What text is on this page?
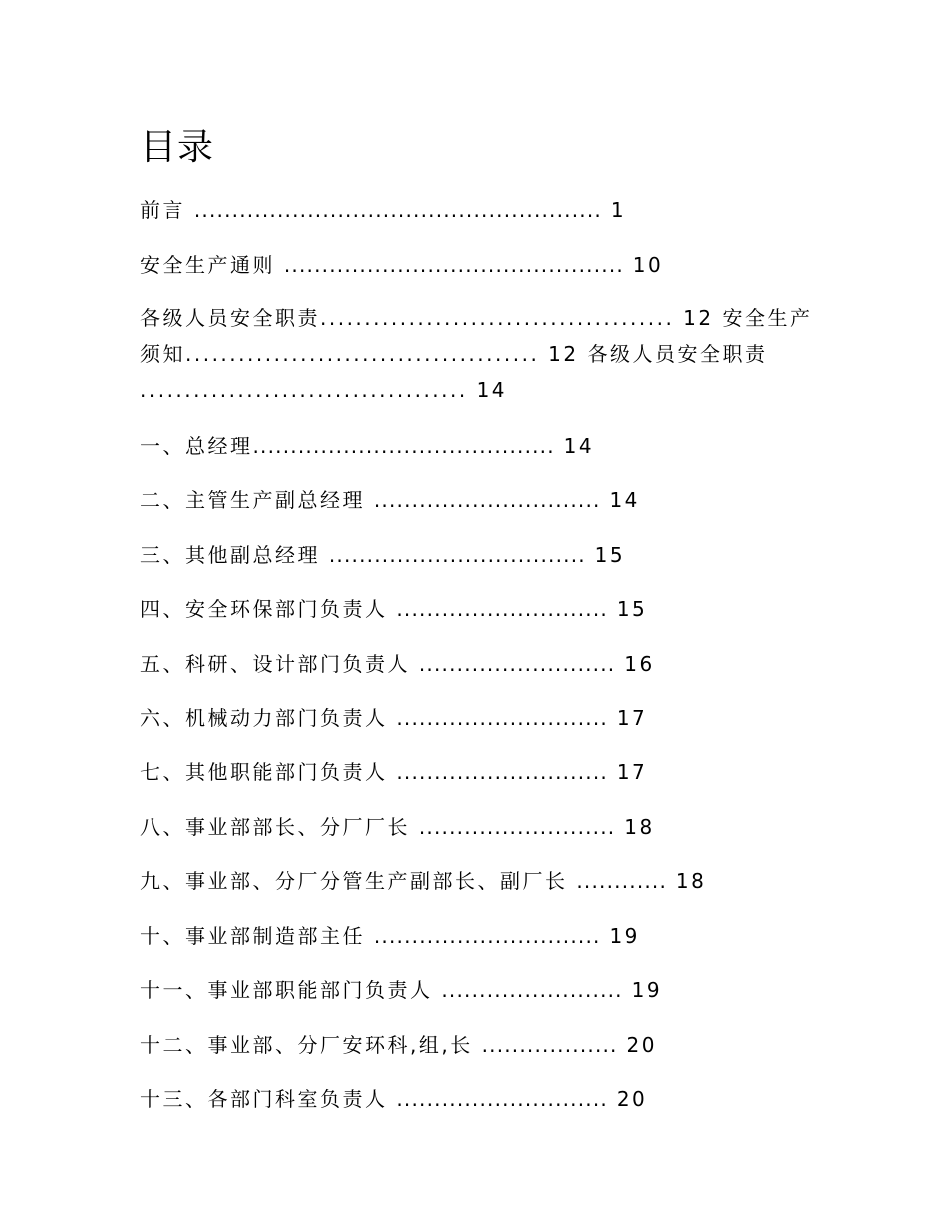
目录

前言 ...................................................... 1

安全生产通则 ............................................. 10

各级人员安全职责........................................ 12 安全生产
须知........................................ 12 各级人员安全职责
..................................... 14

一、总经理........................................ 14

二、主管生产副总经理 .............................. 14

三、其他副总经理 .................................. 15

四、安全环保部门负责人 ............................ 15

五、科研、设计部门负责人 .......................... 16

六、机械动力部门负责人 ............................ 17

七、其他职能部门负责人 ............................ 17

八、事业部部长、分厂厂长 .......................... 18

九、事业部、分厂分管生产副部长、副厂长 ............ 18

十、事业部制造部主任 .............................. 19

十一、事业部职能部门负责人 ........................ 19

十二、事业部、分厂安环科,组,长 .................. 20

十三、各部门科室负责人 ............................ 20
